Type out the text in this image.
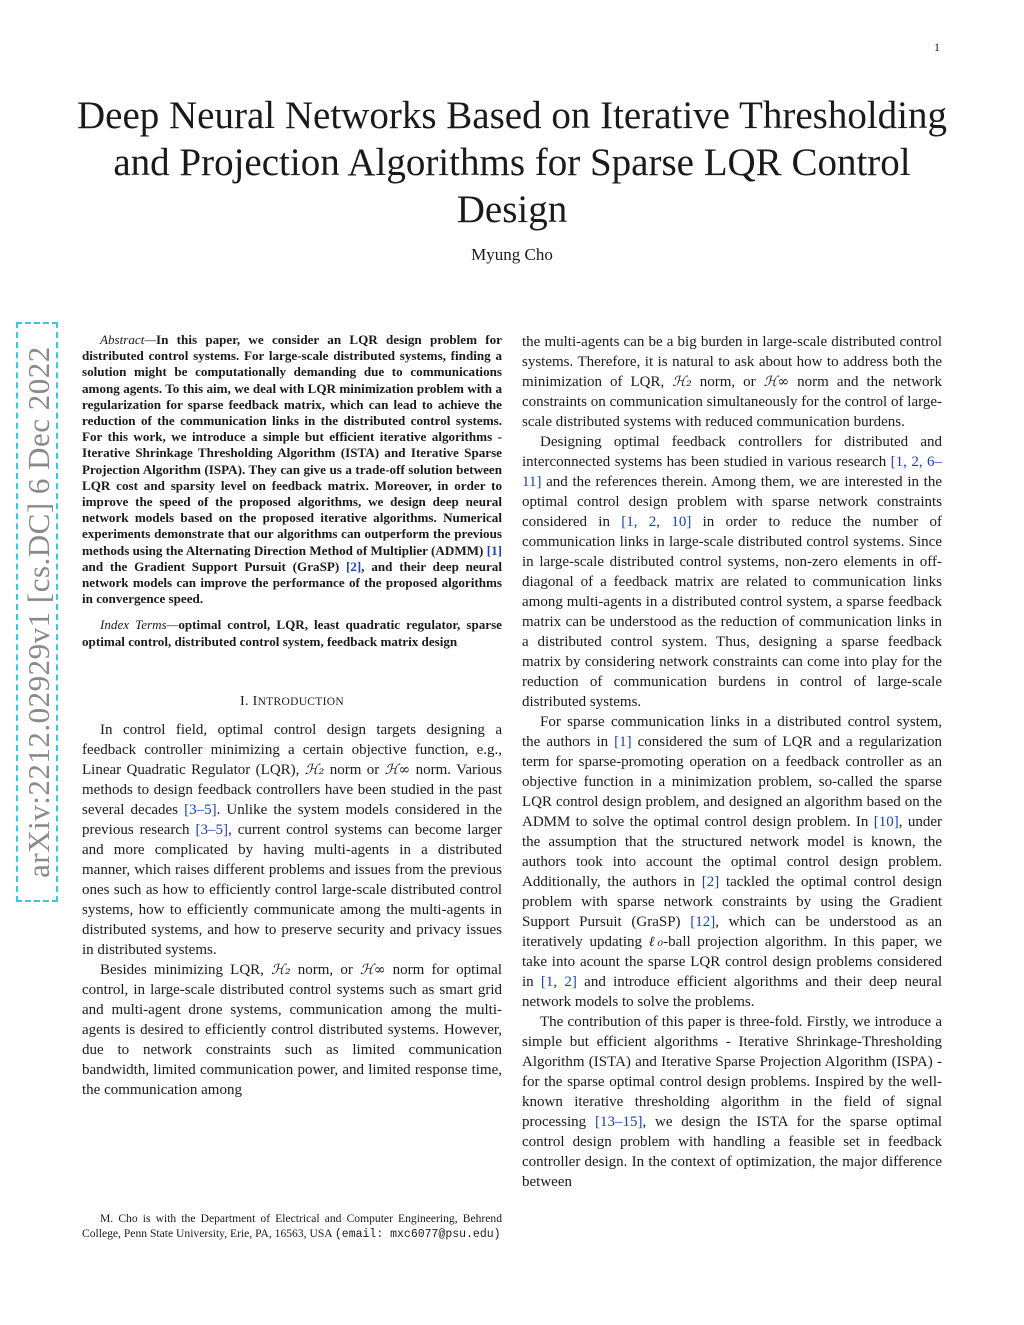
1
arXiv:2212.02929v1 [cs.DC] 6 Dec 2022
Deep Neural Networks Based on Iterative Thresholding and Projection Algorithms for Sparse LQR Control Design
Myung Cho

Abstract—In this paper, we consider an LQR design problem for distributed control systems. For large-scale distributed systems, finding a solution might be computationally demanding due to communications among agents. To this aim, we deal with LQR minimization problem with a regularization for sparse feedback matrix, which can lead to achieve the reduction of the communication links in the distributed control systems. For this work, we introduce a simple but efficient iterative algorithms - Iterative Shrinkage Thresholding Algorithm (ISTA) and Iterative Sparse Projection Algorithm (ISPA). They can give us a trade-off solution between LQR cost and sparsity level on feedback matrix. Moreover, in order to improve the speed of the proposed algorithms, we design deep neural network models based on the proposed iterative algorithms. Numerical experiments demonstrate that our algorithms can outperform the previous methods using the Alternating Direction Method of Multiplier (ADMM) [1] and the Gradient Support Pursuit (GraSP) [2], and their deep neural network models can improve the performance of the proposed algorithms in convergence speed.

Index Terms—optimal control, LQR, least quadratic regulator, sparse optimal control, distributed control system, feedback matrix design

I. INTRODUCTION

In control field, optimal control design targets designing a feedback controller minimizing a certain objective function, e.g., Linear Quadratic Regulator (LQR), ℋ₂ norm or ℋ∞ norm. Various methods to design feedback controllers have been studied in the past several decades [3–5]. Unlike the system models considered in the previous research [3–5], current control systems can become larger and more complicated by having multi-agents in a distributed manner, which raises different problems and issues from the previous ones such as how to efficiently control large-scale distributed control systems, how to efficiently communicate among the multi-agents in distributed systems, and how to preserve security and privacy issues in distributed systems.

Besides minimizing LQR, ℋ₂ norm, or ℋ∞ norm for optimal control, in large-scale distributed control systems such as smart grid and multi-agent drone systems, communication among the multi-agents is desired to efficiently control distributed systems. However, due to network constraints such as limited communication bandwidth, limited communication power, and limited response time, the communication among

M. Cho is with the Department of Electrical and Computer Engineering, Behrend College, Penn State University, Erie, PA, 16563, USA (email: mxc6077@psu.edu)

the multi-agents can be a big burden in large-scale distributed control systems. Therefore, it is natural to ask about how to address both the minimization of LQR, ℋ₂ norm, or ℋ∞ norm and the network constraints on communication simultaneously for the control of large-scale distributed systems with reduced communication burdens.

Designing optimal feedback controllers for distributed and interconnected systems has been studied in various research [1, 2, 6–11] and the references therein. Among them, we are interested in the optimal control design problem with sparse network constraints considered in [1, 2, 10] in order to reduce the number of communication links in large-scale distributed control systems. Since in large-scale distributed control systems, non-zero elements in off-diagonal of a feedback matrix are related to communication links among multi-agents in a distributed control system, a sparse feedback matrix can be understood as the reduction of communication links in a distributed control system. Thus, designing a sparse feedback matrix by considering network constraints can come into play for the reduction of communication burdens in control of large-scale distributed systems.

For sparse communication links in a distributed control system, the authors in [1] considered the sum of LQR and a regularization term for sparse-promoting operation on a feedback controller as an objective function in a minimization problem, so-called the sparse LQR control design problem, and designed an algorithm based on the ADMM to solve the optimal control design problem. In [10], under the assumption that the structured network model is known, the authors took into account the optimal control design problem. Additionally, the authors in [2] tackled the optimal control design problem with sparse network constraints by using the Gradient Support Pursuit (GraSP) [12], which can be understood as an iteratively updating ℓ₀-ball projection algorithm. In this paper, we take into acount the sparse LQR control design problems considered in [1, 2] and introduce efficient algorithms and their deep neural network models to solve the problems.

The contribution of this paper is three-fold. Firstly, we introduce a simple but efficient algorithms - Iterative Shrinkage-Thresholding Algorithm (ISTA) and Iterative Sparse Projection Algorithm (ISPA) - for the sparse optimal control design problems. Inspired by the well-known iterative thresholding algorithm in the field of signal processing [13–15], we design the ISTA for the sparse optimal control design problem with handling a feasible set in feedback controller design. In the context of optimization, the major difference between
